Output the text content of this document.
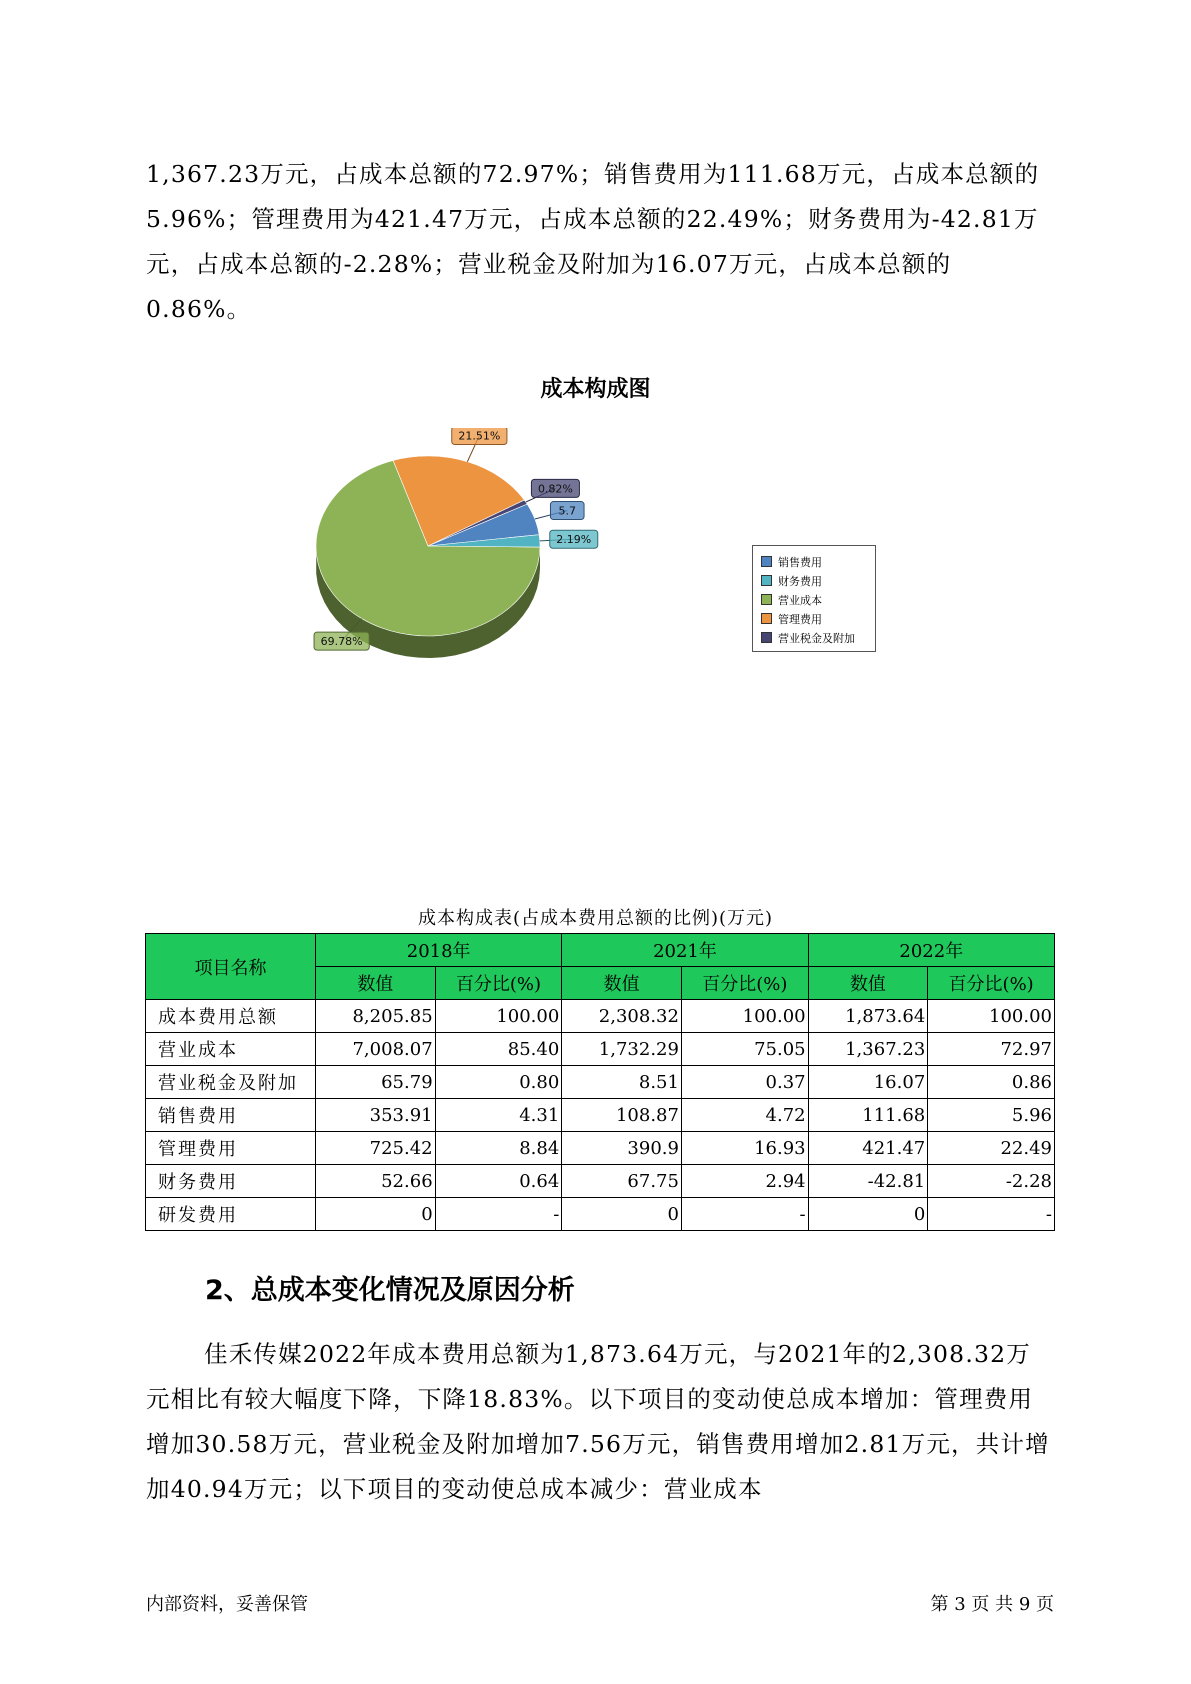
1,367.23万元，占成本总额的72.97%；销售费用为111.68万元，占成本总额的5.96%；管理费用为421.47万元，占成本总额的22.49%；财务费用为-42.81万元，占成本总额的-2.28%；营业税金及附加为16.07万元，占成本总额的0.86%。

成本构成图
69.78%
21.51%
0.82%
5.7
2.19%
销售费用
财务费用
营业成本
管理费用
营业税金及附加
成本构成表(占成本费用总额的比例)(万元)
项目名称	2018年		2021年		2022年	
	数值	百分比(%)	数值	百分比(%)	数值	百分比(%)
成本费用总额	8,205.85	100.00	2,308.32	100.00	1,873.64	100.00
营业成本	7,008.07	85.40	1,732.29	75.05	1,367.23	72.97
营业税金及附加	65.79	0.80	8.51	0.37	16.07	0.86
销售费用	353.91	4.31	108.87	4.72	111.68	5.96
管理费用	725.42	8.84	390.9	16.93	421.47	22.49
财务费用	52.66	0.64	67.75	2.94	-42.81	-2.28
研发费用	0	-	0	-	0	-
2、总成本变化情况及原因分析

佳禾传媒2022年成本费用总额为1,873.64万元，与2021年的2,308.32万元相比有较大幅度下降，下降18.83%。以下项目的变动使总成本增加：管理费用增加30.58万元，营业税金及附加增加7.56万元，销售费用增加2.81万元，共计增加40.94万元；以下项目的变动使总成本减少：营业成本

内部资料，妥善保管	第 3 页 共 9 页
